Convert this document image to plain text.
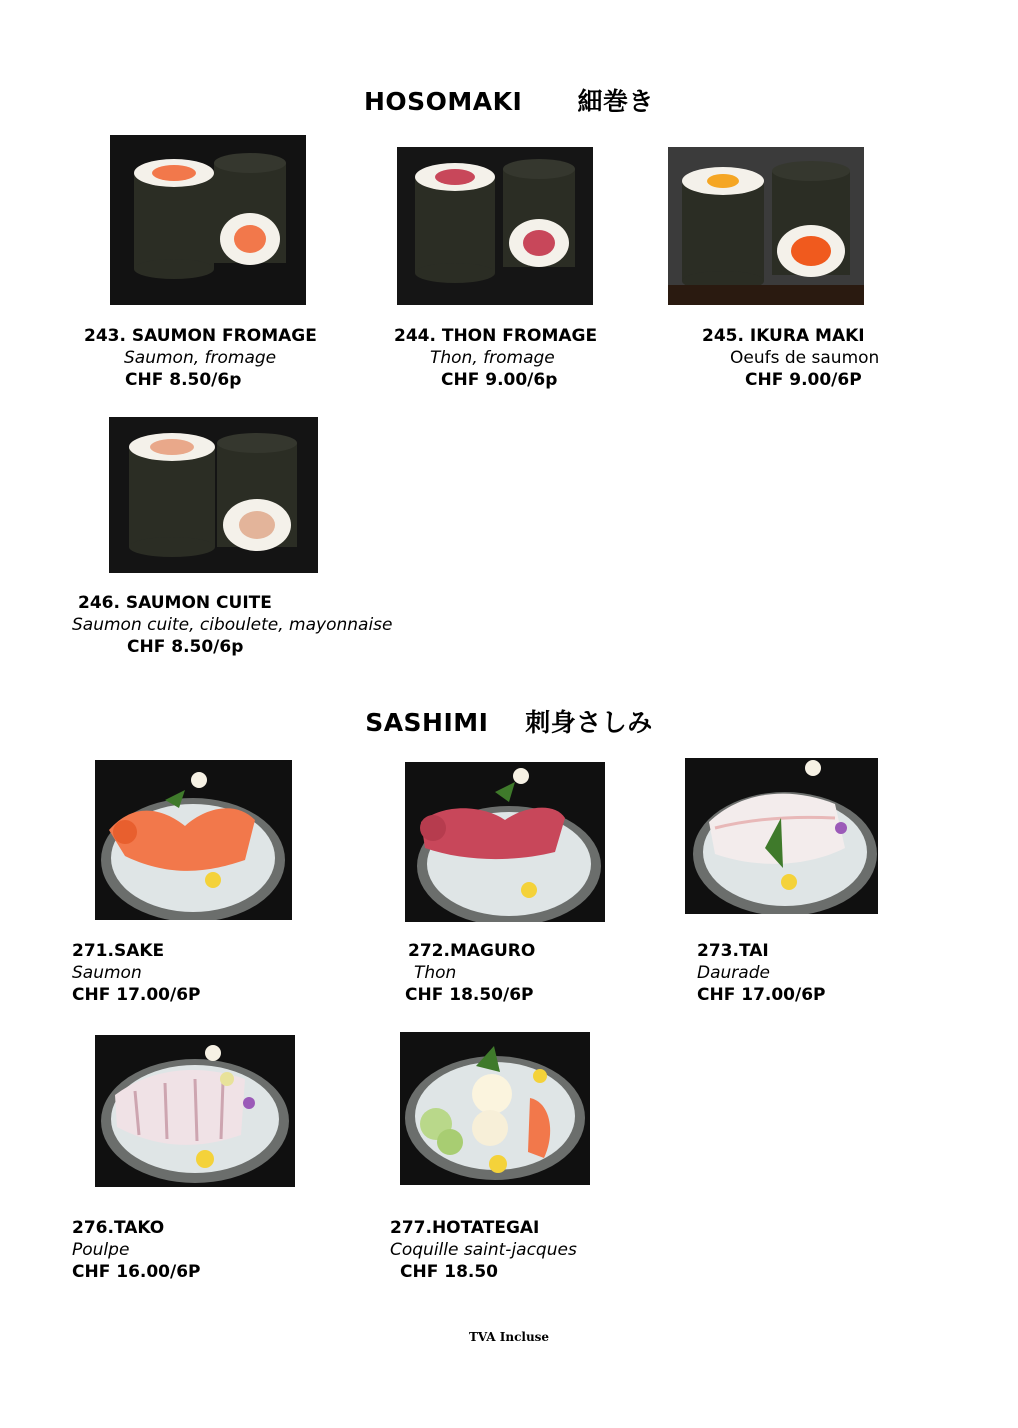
HOSOMAKI      細巻き
243. SAUMON FROMAGE
Saumon, fromage
CHF 8.50/6p
244. THON FROMAGE
Thon, fromage
CHF 9.00/6p
245. IKURA MAKI
Oeufs de saumon
CHF 9.00/6P
246. SAUMON CUITE
Saumon cuite, ciboulete, mayonnaise
CHF 8.50/6p
SASHIMI    刺身さしみ
271.SAKE
Saumon
CHF 17.00/6P
272.MAGURO
Thon
CHF 18.50/6P
273.TAI
Daurade
CHF 17.00/6P
276.TAKO
Poulpe
CHF 16.00/6P
277.HOTATEGAI
Coquille saint-jacques
CHF 18.50
TVA Incluse
